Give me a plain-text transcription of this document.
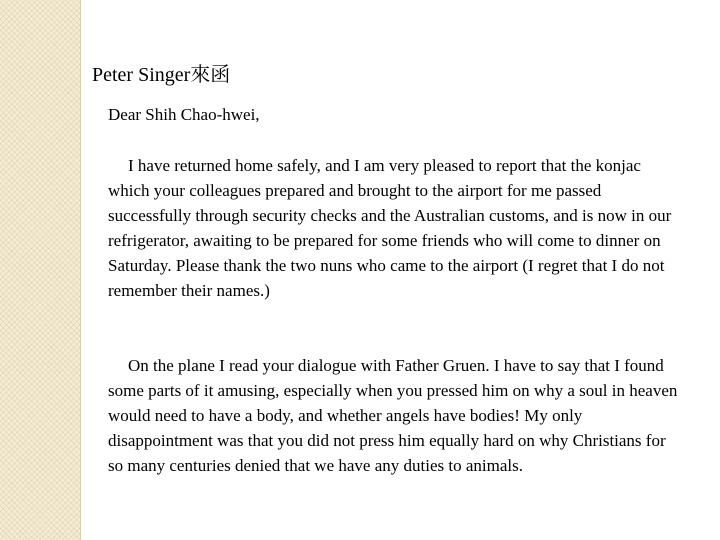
Peter Singer來函
Dear Shih Chao-hwei,

I have returned home safely, and I am very pleased to report that the konjac which your colleagues prepared and brought to the airport for me passed successfully through security checks and the Australian customs, and is now in our refrigerator, awaiting to be prepared for some friends who will come to dinner on Saturday. Please thank the two nuns who came to the airport (I regret that I do not remember their names.)

On the plane I read your dialogue with Father Gruen. I have to say that I found some parts of it amusing, especially when you pressed him on why a soul in heaven would need to have a body, and whether angels have bodies! My only disappointment was that you did not press him equally hard on why Christians for so many centuries denied that we have any duties to animals.
